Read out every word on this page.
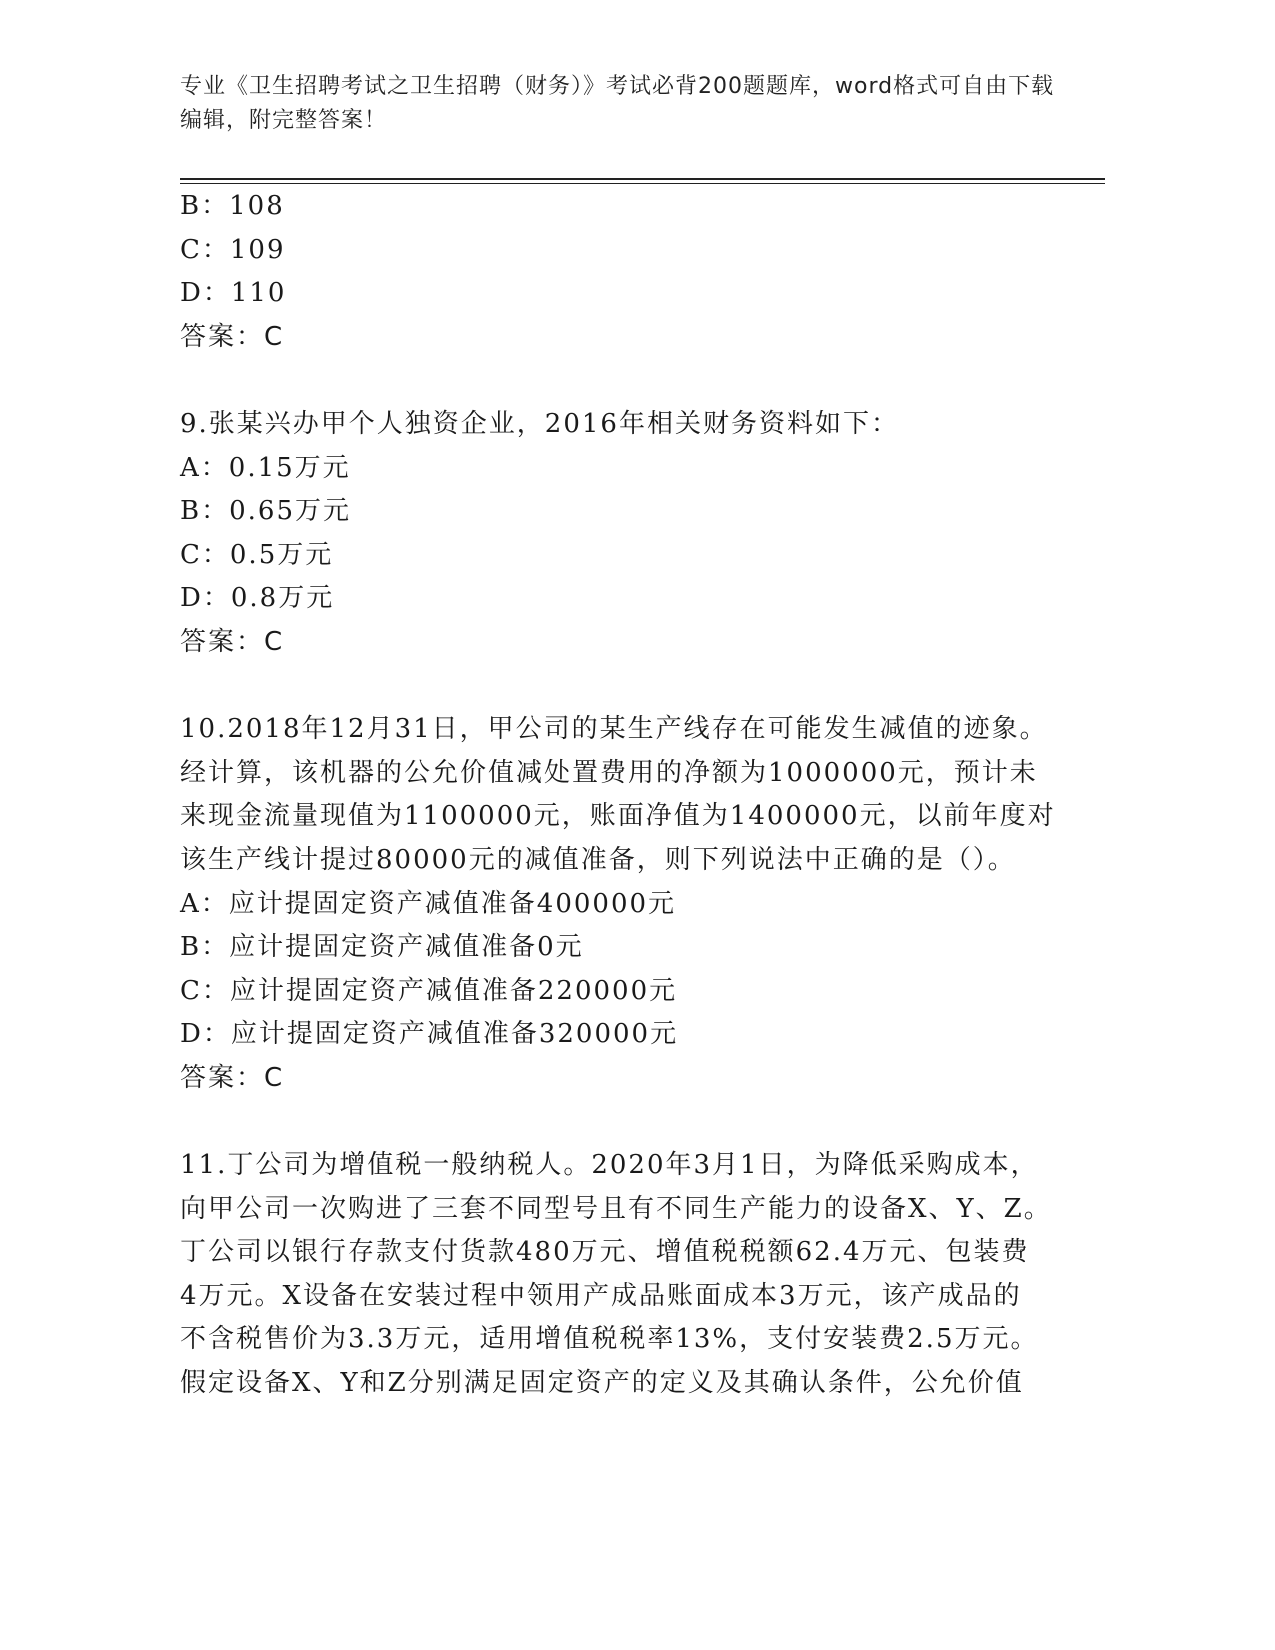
专业《卫生招聘考试之卫生招聘（财务）》考试必背200题题库，word格式可自由下载编辑，附完整答案！
B：108
C：109
D：110
答案：C
9.张某兴办甲个人独资企业，2016年相关财务资料如下：
A：0.15万元
B：0.65万元
C：0.5万元
D：0.8万元
答案：C
10.2018年12月31日，甲公司的某生产线存在可能发生减值的迹象。
经计算，该机器的公允价值减处置费用的净额为1000000元，预计未
来现金流量现值为1100000元，账面净值为1400000元，以前年度对
该生产线计提过80000元的减值准备，则下列说法中正确的是（）。
A：应计提固定资产减值准备400000元
B：应计提固定资产减值准备0元
C：应计提固定资产减值准备220000元
D：应计提固定资产减值准备320000元
答案：C
11.丁公司为增值税一般纳税人。2020年3月1日，为降低采购成本，
向甲公司一次购进了三套不同型号且有不同生产能力的设备X、Y、Z。
丁公司以银行存款支付货款480万元、增值税税额62.4万元、包装费
4万元。X设备在安装过程中领用产成品账面成本3万元，该产成品的
不含税售价为3.3万元，适用增值税税率13%，支付安装费2.5万元。
假定设备X、Y和Z分别满足固定资产的定义及其确认条件，公允价值
